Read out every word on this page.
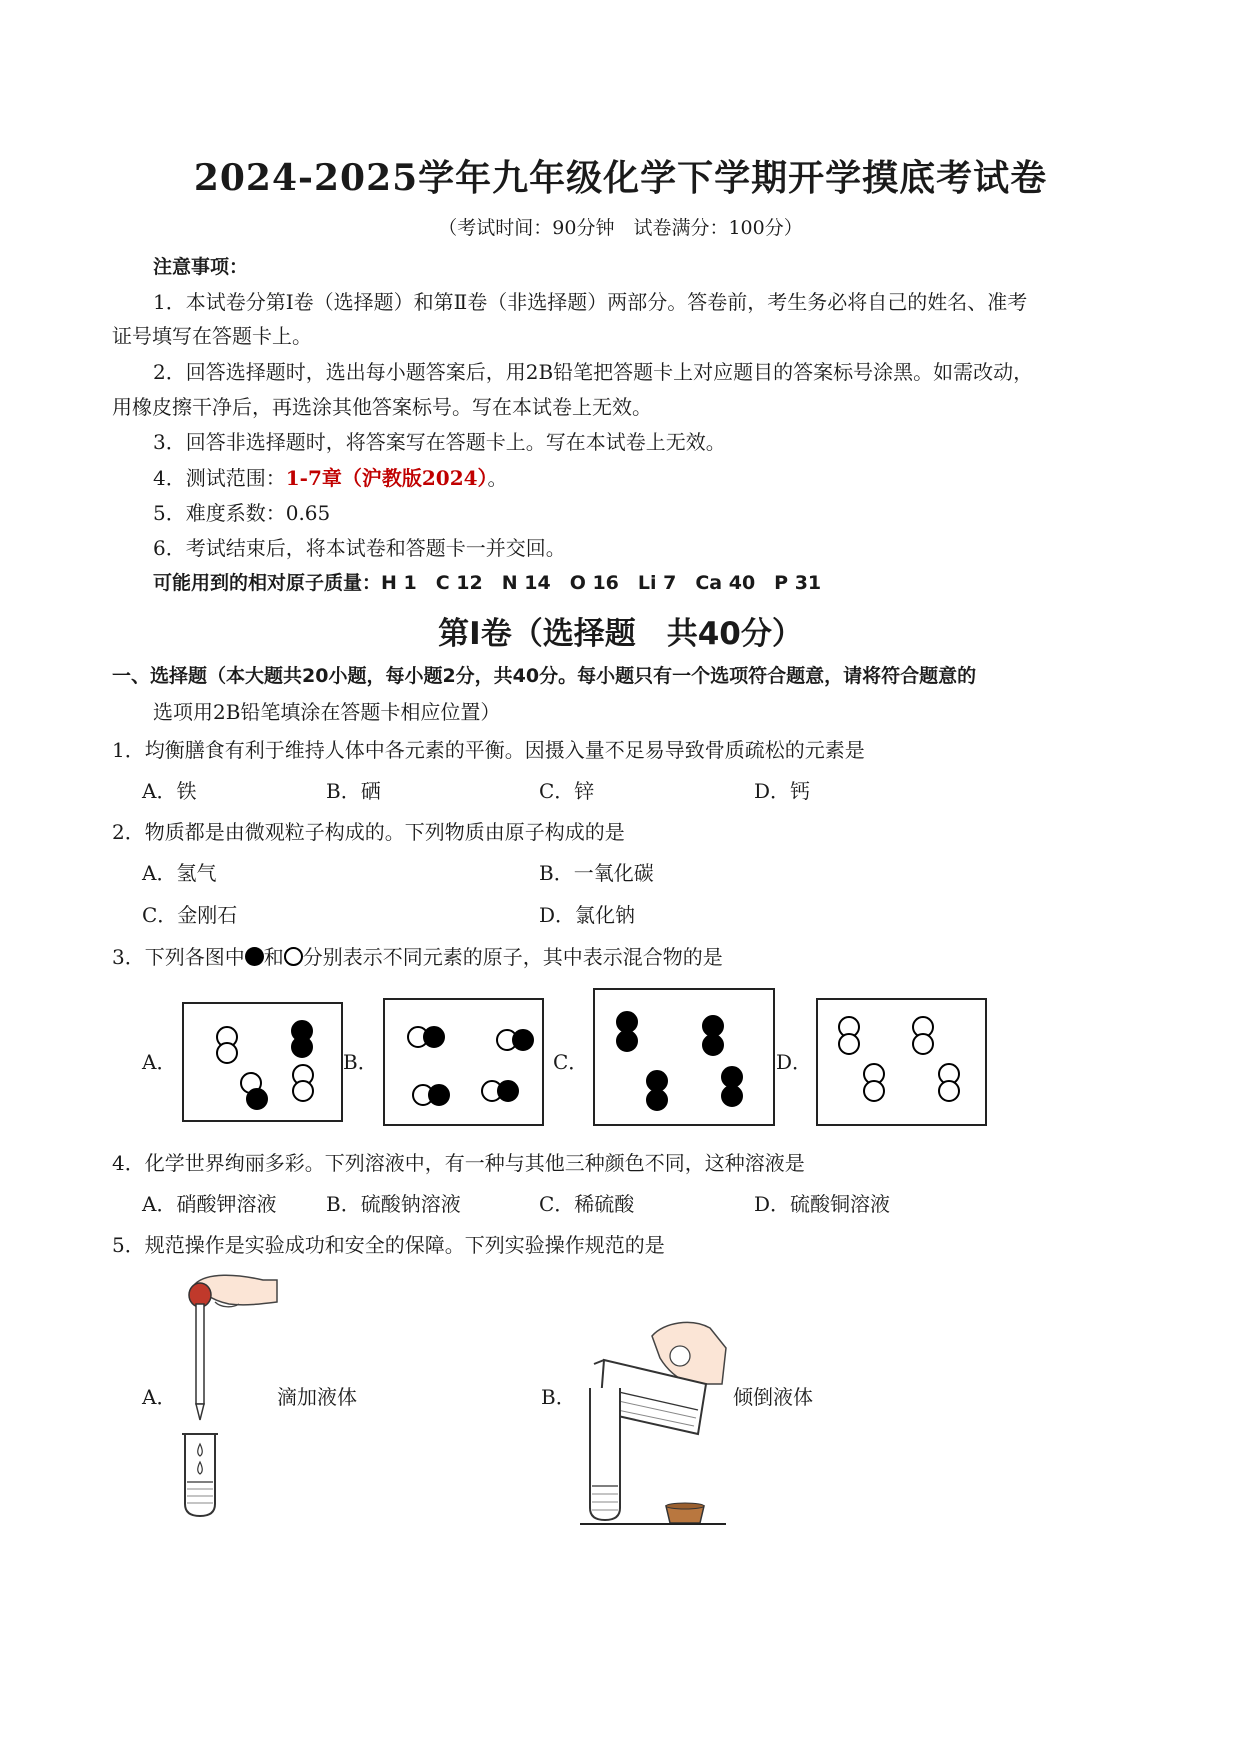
2024-2025学年九年级化学下学期开学摸底考试卷
（考试时间：90分钟　试卷满分：100分）
注意事项：
1．本试卷分第Ⅰ卷（选择题）和第Ⅱ卷（非选择题）两部分。答卷前，考生务必将自己的姓名、准考
证号填写在答题卡上。
2．回答选择题时，选出每小题答案后，用2B铅笔把答题卡上对应题目的答案标号涂黑。如需改动，
用橡皮擦干净后，再选涂其他答案标号。写在本试卷上无效。
3．回答非选择题时，将答案写在答题卡上。写在本试卷上无效。
4．测试范围：1-7章（沪教版2024）。
5．难度系数：0.65
6．考试结束后，将本试卷和答题卡一并交回。
可能用到的相对原子质量：H 1　C 12　N 14　O 16　Li 7　Ca 40　P 31
第Ⅰ卷（选择题　共40分）
一、选择题（本大题共20小题，每小题2分，共40分。每小题只有一个选项符合题意，请将符合题意的
选项用2B铅笔填涂在答题卡相应位置）
1．均衡膳食有利于维持人体中各元素的平衡。因摄入量不足易导致骨质疏松的元素是
A．铁	B．硒	C．锌	D．钙
2．物质都是由微观粒子构成的。下列物质由原子构成的是
A．氢气	B．一氧化碳
C．金刚石	D．氯化钠
3．下列各图中 和 分别表示不同元素的原子，其中表示混合物的是
A．	B．	C．	D．
4．化学世界绚丽多彩。下列溶液中，有一种与其他三种颜色不同，这种溶液是
A．硝酸钾溶液 B．硫酸钠溶液	C．稀硫酸	D．硫酸铜溶液
5．规范操作是实验成功和安全的保障。下列实验操作规范的是
A．	滴加液体	B．	倾倒液体
